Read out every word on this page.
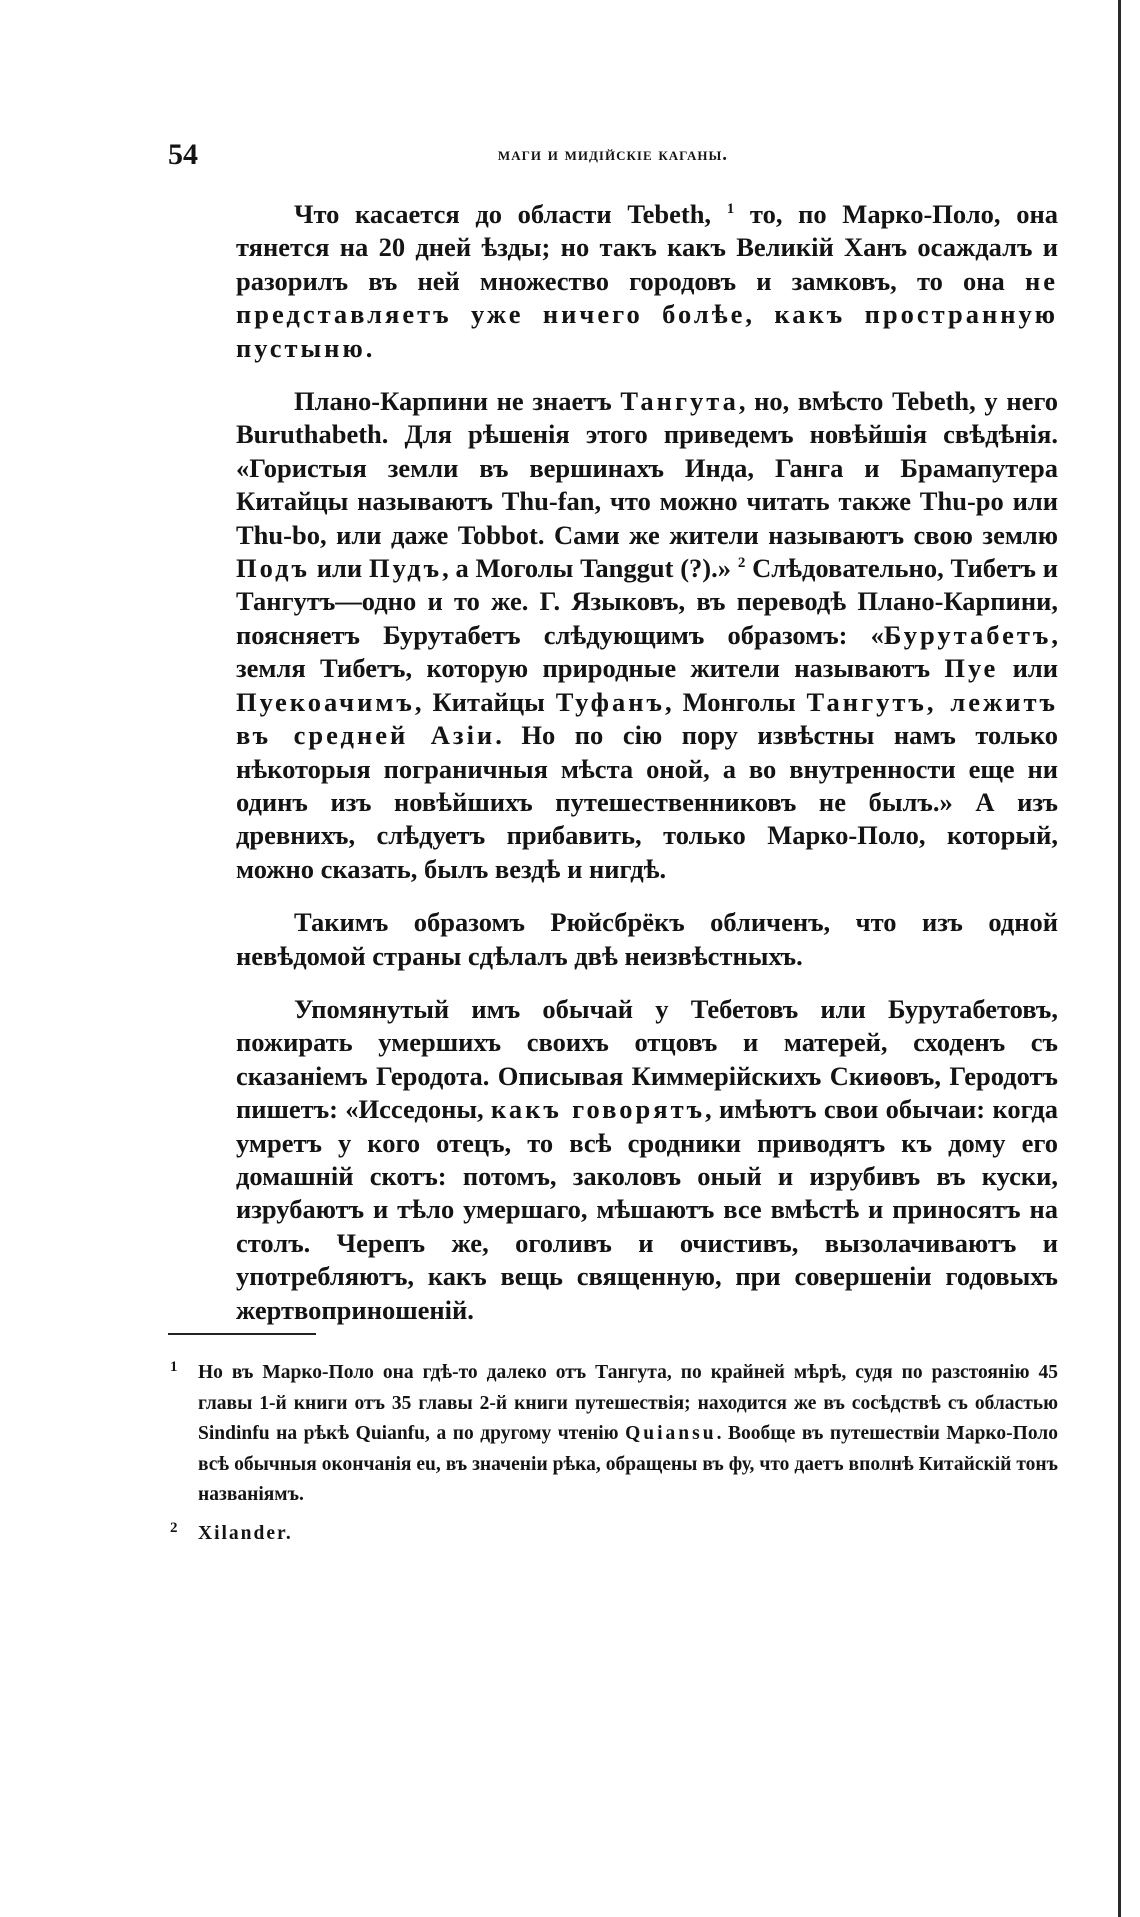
54	маги и мидійскіе каганы.

Что касается до области Tebeth, $^1$ то, по Марко-Поло, она тянется на 20 дней ѣзды; но такъ какъ Великій Ханъ осаждалъ и разорилъ въ ней множество городовъ и замковъ, то она не представляетъ уже ничего болѣе, какъ пространную пустыню.

Плано-Карпини не знаетъ Тангута, но, вмѣсто Tebeth, у него Buruthabeth. Для рѣшенія этого приведемъ новѣйшія свѣдѣнія. «Гористыя земли въ вершинахъ Инда, Ганга и Брамапутера Китайцы называютъ Thu-fan, что можно читать также Thu-po или Thu-bo, или даже Tobbot. Сами же жители называютъ свою землю Подъ или Пудъ, а Моголы Tanggut (?).» $^2$ Слѣдовательно, Тибетъ и Тангутъ—одно и то же. Г. Языковъ, въ переводѣ Плано-Карпини, поясняетъ Бурутабетъ слѣдующимъ образомъ: «Бурутабетъ, земля Тибетъ, которую природные жители называютъ Пуе или Пуекоачимъ, Китайцы Туфанъ, Монголы Тангутъ, лежитъ въ средней Азіи. Но по сію пору извѣстны намъ только нѣкоторыя пограничныя мѣста оной, а во внутренности еще ни одинъ изъ новѣйшихъ путешественниковъ не былъ.» А изъ древнихъ, слѣдуетъ прибавить, только Марко-Поло, который, можно сказать, былъ вездѣ и нигдѣ.

Такимъ образомъ Рюйсбрёкъ обличенъ, что изъ одной невѣдомой страны сдѣлалъ двѣ неизвѣстныхъ.

Упомянутый имъ обычай у Тебетовъ или Бурутабетовъ, пожирать умершихъ своихъ отцовъ и матерей, сходенъ съ сказаніемъ Геродота. Описывая Киммерійскихъ Скиѳовъ, Геродотъ пишетъ: «Исседоны, какъ говорятъ, имѣютъ свои обычаи: когда умретъ у кого отецъ, то всѣ сродники приводятъ къ дому его домашній скотъ: потомъ, заколовъ оный и изрубивъ въ куски, изрубаютъ и тѣло умершаго, мѣшаютъ все вмѣстѣ и приносятъ на столъ. Черепъ же, оголивъ и очистивъ, вызолачиваютъ и употребляютъ, какъ вещь священную, при совершеніи годовыхъ жертвоприношеній.

1 Но въ Марко-Поло она гдѣ-то далеко отъ Тангута, по крайней мѣрѣ, судя по разстоянію 45 главы 1-й книги отъ 35 главы 2-й книги путешествія; находится же въ сосѣдствѣ съ областью Sindinfu на рѣкѣ Quianfu, а по другому чтенію Quiansu. Вообще въ путешествіи Марко-Поло всѣ обычныя окончанія eu, въ значеніи рѣка, обращены въ фу, что даетъ вполнѣ Китайскій тонъ названіямъ.

2 Xilander.
